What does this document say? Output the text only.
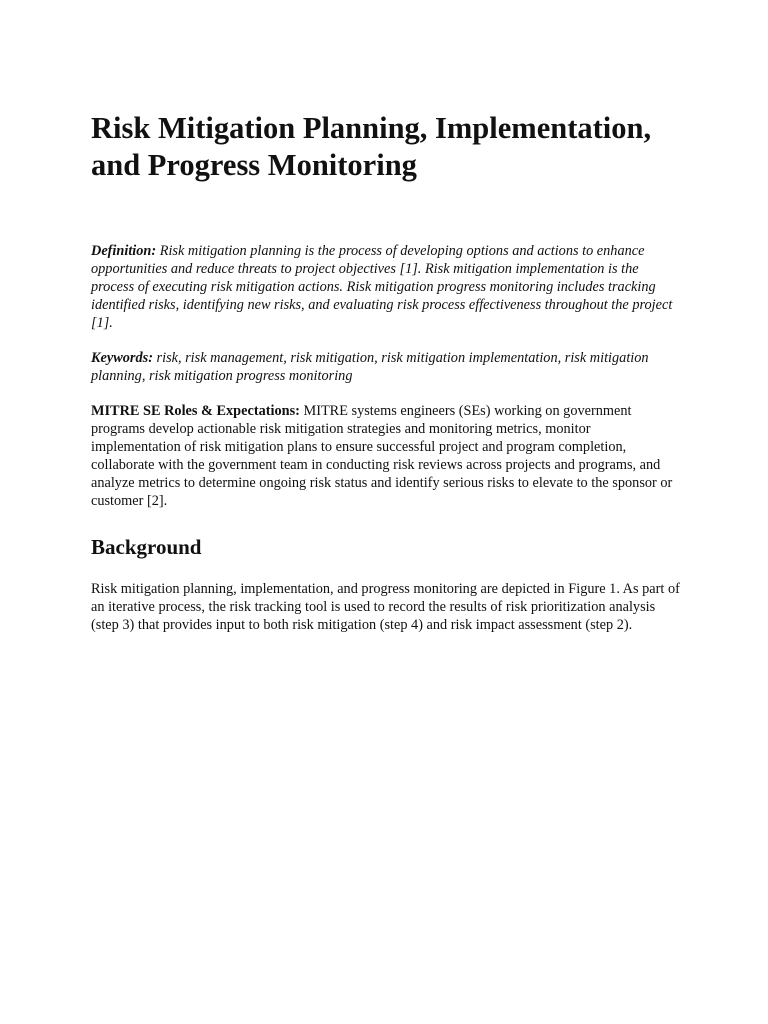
Risk Mitigation Planning, Implementation, and Progress Monitoring

Definition: Risk mitigation planning is the process of developing options and actions to enhance opportunities and reduce threats to project objectives [1]. Risk mitigation implementation is the process of executing risk mitigation actions. Risk mitigation progress monitoring includes tracking identified risks, identifying new risks, and evaluating risk process effectiveness throughout the project [1].

Keywords: risk, risk management, risk mitigation, risk mitigation implementation, risk mitigation planning, risk mitigation progress monitoring

MITRE SE Roles & Expectations: MITRE systems engineers (SEs) working on government programs develop actionable risk mitigation strategies and monitoring metrics, monitor implementation of risk mitigation plans to ensure successful project and program completion, collaborate with the government team in conducting risk reviews across projects and programs, and analyze metrics to determine ongoing risk status and identify serious risks to elevate to the sponsor or customer [2].

Background

Risk mitigation planning, implementation, and progress monitoring are depicted in Figure 1. As part of an iterative process, the risk tracking tool is used to record the results of risk prioritization analysis (step 3) that provides input to both risk mitigation (step 4) and risk impact assessment (step 2).
